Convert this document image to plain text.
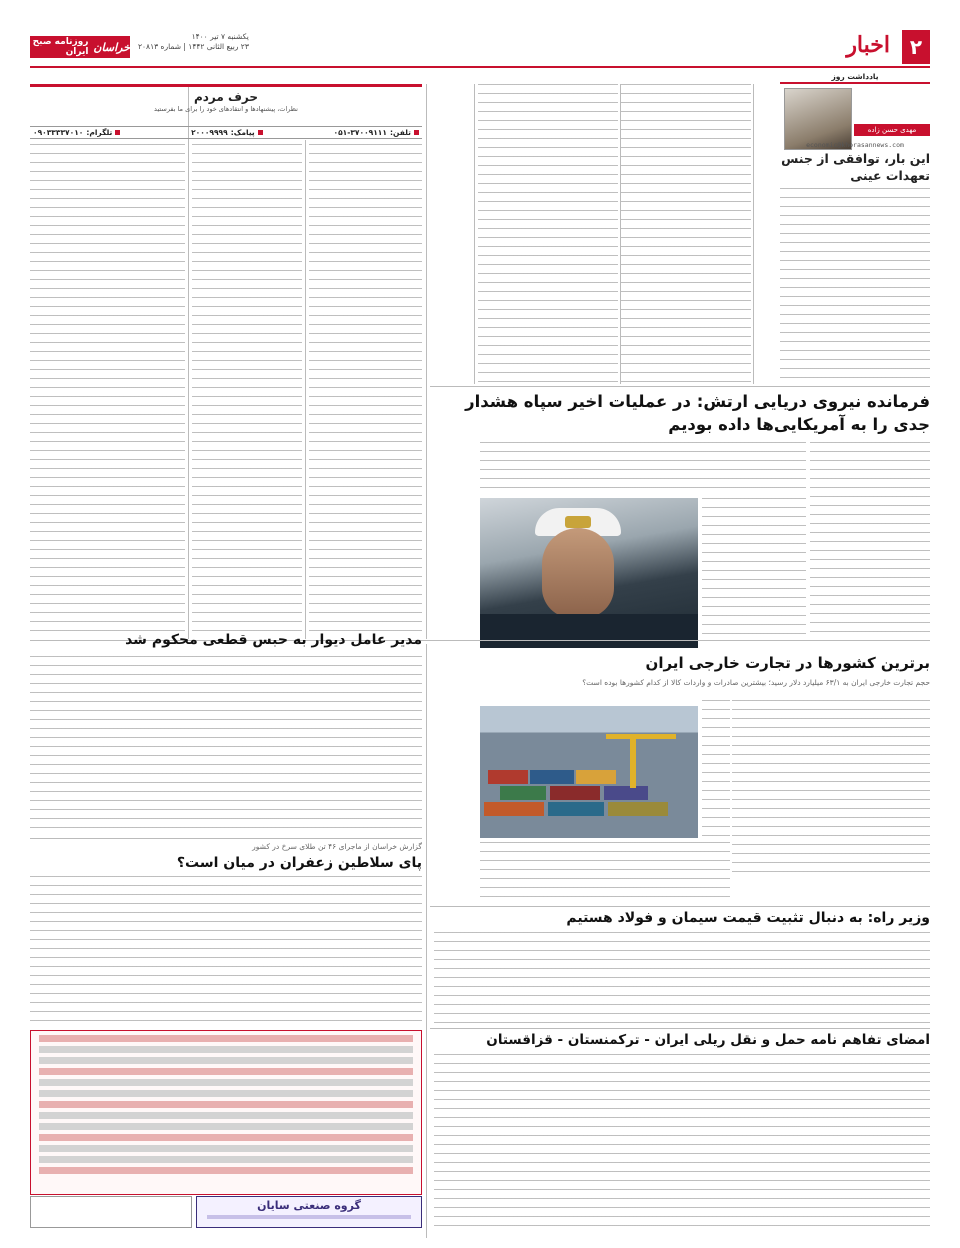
۲
اخبار
یکشنبه ۷ تیر ۱۴۰۰
۲۳ ربیع الثانی ۱۴۴۲ | شماره ۲۰۸۱۳
خراسان
روزنامه صبح ایران
یادداشت روز
مهدی حسن زاده
economic@khorasannews.com
این بار، توافقی از جنس تعهدات عینی
حرف مردم
نظرات، پیشنهادها و انتقادهای خود را برای ما بفرستید
تلفن:
۰۵۱-۳۷۰۰۹۱۱۱
پیامک:
۲۰۰۰۹۹۹۹
تلگرام:
۰۹۰۳۳۳۳۷۰۱۰
فرمانده نیروی دریایی ارتش: در عملیات اخیر سپاه هشدار جدی را به آمریکایی‌ها داده بودیم
مدیر عامل دیوار به حبس قطعی محکوم شد
برترین کشورها در تجارت خارجی ایران
حجم تجارت خارجی ایران به ۶۳/۱ میلیارد دلار رسید؛ بیشترین صادرات و واردات کالا از کدام کشورها بوده است؟
گزارش خراسان از ماجرای ۴۶ تن طلای سرخ در کشور
پای سلاطین زعفران در میان است؟
وزیر راه: به دنبال تثبیت قیمت سیمان و فولاد هستیم
امضای تفاهم نامه حمل و نقل ریلی ایران - ترکمنستان - قزاقستان
گروه صنعتی سایان
